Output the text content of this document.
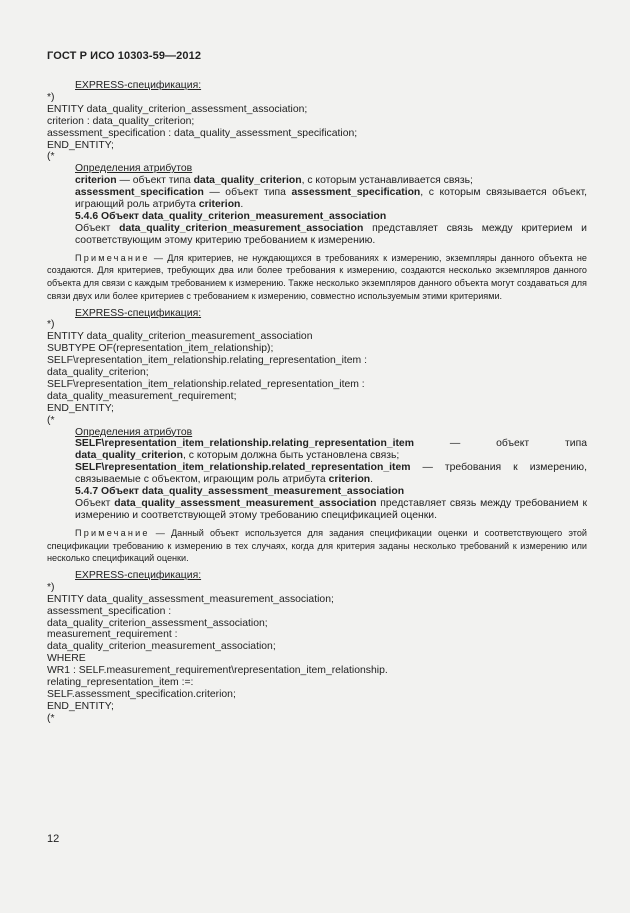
ГОСТ Р ИСО 10303-59—2012
EXPRESS-спецификация:
*)
ENTITY data_quality_criterion_assessment_association;
criterion : data_quality_criterion;
assessment_specification : data_quality_assessment_specification;
END_ENTITY;
(*
Определения атрибутов
criterion — объект типа data_quality_criterion, с которым устанавливается связь;
assessment_specification — объект типа assessment_specification, с которым связывается объект, играющий роль атрибута criterion.
5.4.6 Объект data_quality_criterion_measurement_association
Объект data_quality_criterion_measurement_association представляет связь между критерием и соответствующим этому критерию требованием к измерению.
Примечание — Для критериев, не нуждающихся в требованиях к измерению, экземпляры данного объекта не создаются. Для критериев, требующих два или более требования к измерению, создаются несколько экземпляров данного объекта для связи с каждым требованием к измерению. Также несколько экземпляров данного объекта могут создаваться для связи двух или более критериев с требованием к измерению, совместно используемым этими критериями.
EXPRESS-спецификация:
*)
ENTITY data_quality_criterion_measurement_association
SUBTYPE OF(representation_item_relationship);
SELF\representation_item_relationship.relating_representation_item :
data_quality_criterion;
SELF\representation_item_relationship.related_representation_item :
data_quality_measurement_requirement;
END_ENTITY;
(*
Определения атрибутов
SELF\representation_item_relationship.relating_representation_item — объект типа data_quality_criterion, с которым должна быть установлена связь;
SELF\representation_item_relationship.related_representation_item — требования к измерению, связываемые с объектом, играющим роль атрибута criterion.
5.4.7 Объект data_quality_assessment_measurement_association
Объект data_quality_assessment_measurement_association представляет связь между требованием к измерению и соответствующей этому требованию спецификацией оценки.
Примечание — Данный объект используется для задания спецификации оценки и соответствующего этой спецификации требованию к измерению в тех случаях, когда для критерия заданы несколько требований к измерению или несколько спецификаций оценки.
EXPRESS-спецификация:
*)
ENTITY data_quality_assessment_measurement_association;
assessment_specification :
data_quality_criterion_assessment_association;
measurement_requirement :
data_quality_criterion_measurement_association;
WHERE
WR1 : SELF.measurement_requirement\representation_item_relationship.
relating_representation_item :=:
SELF.assessment_specification.criterion;
END_ENTITY;
(*
12
